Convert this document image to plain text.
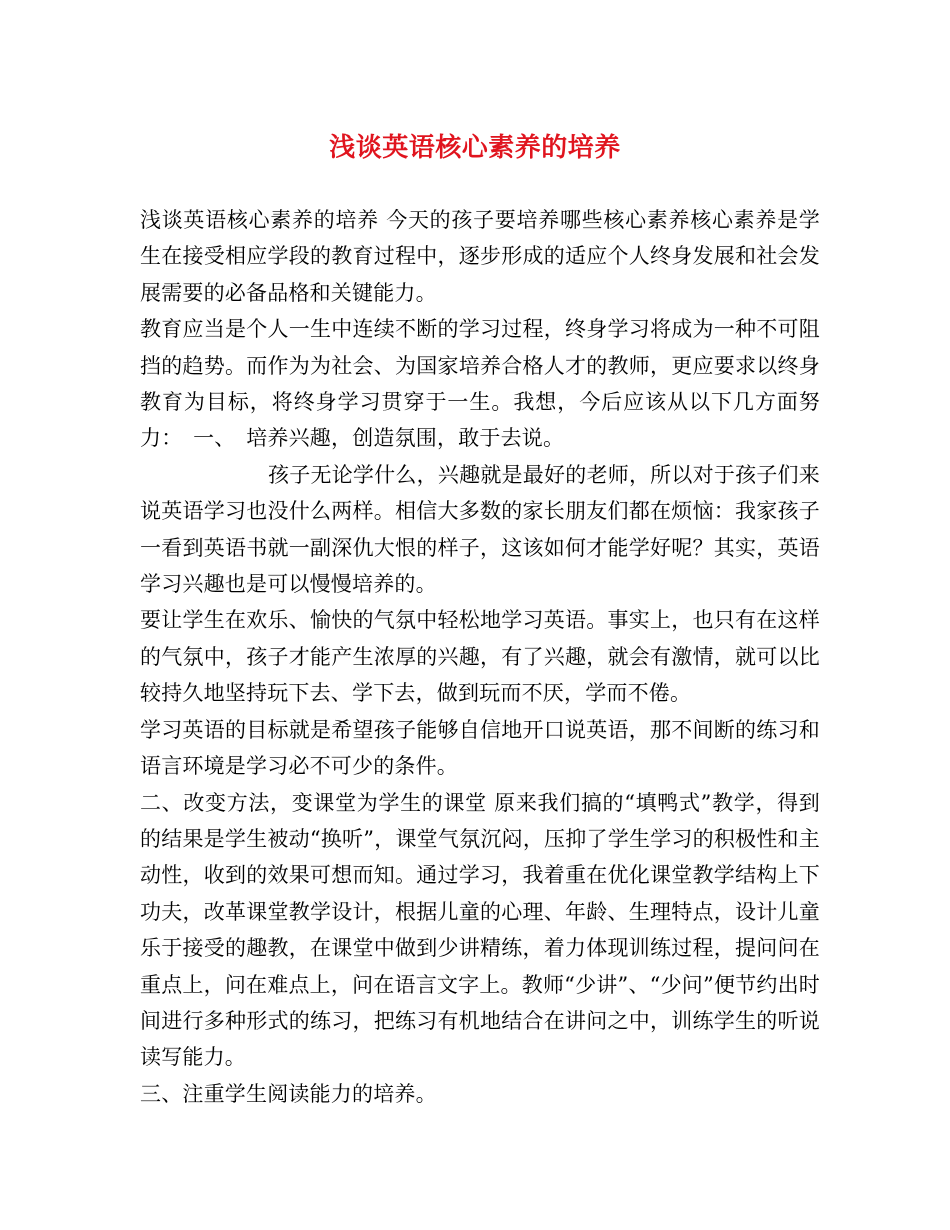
浅谈英语核心素养的培养

浅谈英语核心素养的培养 今天的孩子要培养哪些核心素养核心素养是学生在接受相应学段的教育过程中，逐步形成的适应个人终身发展和社会发展需要的必备品格和关键能力。

教育应当是个人一生中连续不断的学习过程，终身学习将成为一种不可阻挡的趋势。而作为为社会、为国家培养合格人才的教师，更应要求以终身教育为目标，将终身学习贯穿于一生。我想，今后应该从以下几方面努力：　一、　培养兴趣，创造氛围，敢于去说。

孩子无论学什么，兴趣就是最好的老师，所以对于孩子们来说英语学习也没什么两样。相信大多数的家长朋友们都在烦恼：我家孩子一看到英语书就一副深仇大恨的样子，这该如何才能学好呢？其实，英语学习兴趣也是可以慢慢培养的。

要让学生在欢乐、愉快的气氛中轻松地学习英语。事实上，也只有在这样的气氛中，孩子才能产生浓厚的兴趣，有了兴趣，就会有激情，就可以比较持久地坚持玩下去、学下去，做到玩而不厌，学而不倦。

学习英语的目标就是希望孩子能够自信地开口说英语，那不间断的练习和语言环境是学习必不可少的条件。

二、改变方法，变课堂为学生的课堂 原来我们搞的“填鸭式”教学，得到的结果是学生被动“换听”，课堂气氛沉闷，压抑了学生学习的积极性和主动性，收到的效果可想而知。通过学习，我着重在优化课堂教学结构上下功夫，改革课堂教学设计，根据儿童的心理、年龄、生理特点，设计儿童乐于接受的趣教，在课堂中做到少讲精练，着力体现训练过程，提问问在重点上，问在难点上，问在语言文字上。教师“少讲”、“少问”便节约出时间进行多种形式的练习，把练习有机地结合在讲问之中，训练学生的听说读写能力。

三、注重学生阅读能力的培养。
